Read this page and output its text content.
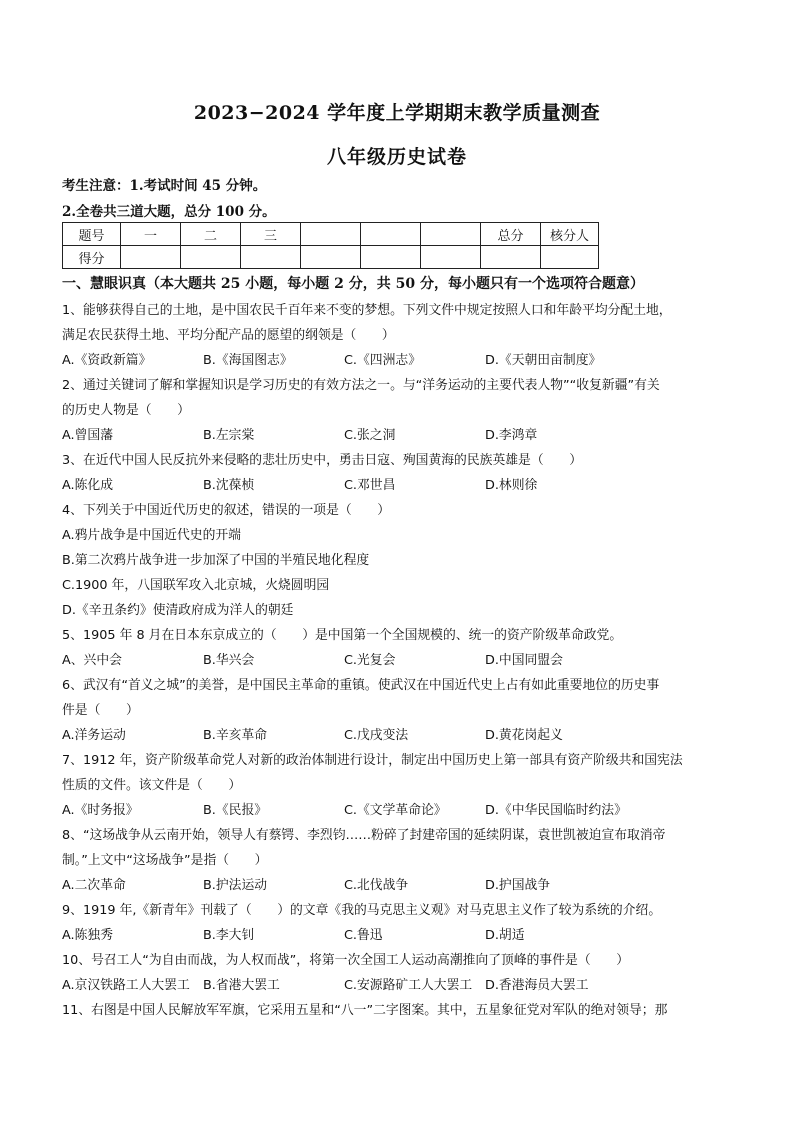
2023−2024 学年度上学期期末教学质量测查
八年级历史试卷
考生注意：1.考试时间 45 分钟。
2.全卷共三道大题，总分 100 分。
题号	一	二	三				总分	核分人
得分								
一、慧眼识真（本大题共 25 小题，每小题 2 分，共 50 分，每小题只有一个选项符合题意）
1、能够获得自己的土地，是中国农民千百年来不变的梦想。下列文件中规定按照人口和年龄平均分配土地，
满足农民获得土地、平均分配产品的愿望的纲领是（　　）
A.《资政新篇》	B.《海国图志》	C.《四洲志》	D.《天朝田亩制度》
2、通过关键词了解和掌握知识是学习历史的有效方法之一。与“洋务运动的主要代表人物”“收复新疆”有关
的历史人物是（　　）
A.曾国藩	B.左宗棠	C.张之洞	D.李鸿章
3、在近代中国人民反抗外来侵略的悲壮历史中，勇击日寇、殉国黄海的民族英雄是（　　）
A.陈化成	B.沈葆桢	C.邓世昌	D.林则徐
4、下列关于中国近代历史的叙述，错误的一项是（　　）
A.鸦片战争是中国近代史的开端
B.第二次鸦片战争进一步加深了中国的半殖民地化程度
C.1900 年，八国联军攻入北京城，火烧圆明园
D.《辛丑条约》使清政府成为洋人的朝廷
5、1905 年 8 月在日本东京成立的（　　）是中国第一个全国规模的、统一的资产阶级革命政党。
A、兴中会	B.华兴会	C.光复会	D.中国同盟会
6、武汉有“首义之城”的美誉，是中国民主革命的重镇。使武汉在中国近代史上占有如此重要地位的历史事
件是（　　）
A.洋务运动	B.辛亥革命	C.戊戌变法	D.黄花岗起义
7、1912 年，资产阶级革命党人对新的政治体制进行设计，制定出中国历史上第一部具有资产阶级共和国宪法
性质的文件。该文件是（　　）
A.《时务报》	B.《民报》	C.《文学革命论》	D.《中华民国临时约法》
8、“这场战争从云南开始，领导人有蔡锷、李烈钧……粉碎了封建帝国的延续阴谋，袁世凯被迫宣布取消帝
制。”上文中“这场战争”是指（　　）
A.二次革命	B.护法运动	C.北伐战争	D.护国战争
9、1919 年,《新青年》刊载了（　　）的文章《我的马克思主义观》对马克思主义作了较为系统的介绍。
A.陈独秀	B.李大钊	C.鲁迅	D.胡适
10、号召工人“为自由而战，为人权而战”，将第一次全国工人运动高潮推向了顶峰的事件是（　　）
A.京汉铁路工人大罢工 B.省港大罢工	C.安源路矿工人大罢工 D.香港海员大罢工
11、右图是中国人民解放军军旗，它采用五星和“八一”二字图案。其中，五星象征党对军队的绝对领导；那
